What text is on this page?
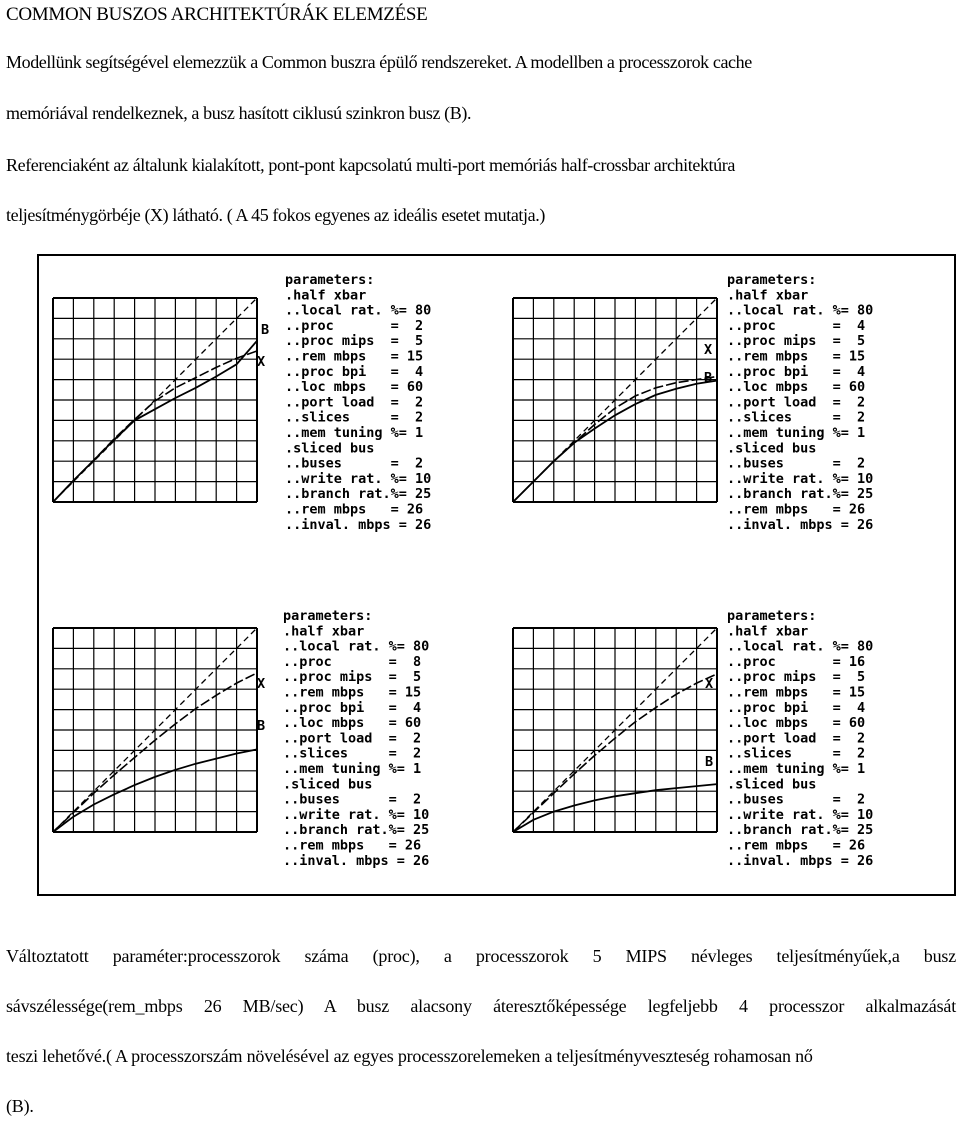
COMMON BUSZOS ARCHITEKTÚRÁK ELEMZÉSE
Modellünk segítségével elemezzük a Common buszra épülő rendszereket. A modellben a processzorok cache
memóriával rendelkeznek, a busz hasított ciklusú szinkron busz (B).
Referenciaként az általunk kialakított, pont-pont kapcsolatú multi-port memóriás half-crossbar architektúra
teljesítménygörbéje (X) látható. ( A 45 fokos egyenes az ideális esetet mutatja.)
B
X
parameters:
.half xbar
..local rat. %= 80
..proc       =  2
..proc mips  =  5
..rem mbps   = 15
..proc bpi   =  4
..loc mbps   = 60
..port load  =  2
..slices     =  2
..mem tuning %= 1
.sliced bus
..buses      =  2
..write rat. %= 10
..branch rat.%= 25
..rem mbps   = 26
..inval. mbps = 26
X
B
parameters:
.half xbar
..local rat. %= 80
..proc       =  4
..proc mips  =  5
..rem mbps   = 15
..proc bpi   =  4
..loc mbps   = 60
..port load  =  2
..slices     =  2
..mem tuning %= 1
.sliced bus
..buses      =  2
..write rat. %= 10
..branch rat.%= 25
..rem mbps   = 26
..inval. mbps = 26
X
B
parameters:
.half xbar
..local rat. %= 80
..proc       =  8
..proc mips  =  5
..rem mbps   = 15
..proc bpi   =  4
..loc mbps   = 60
..port load  =  2
..slices     =  2
..mem tuning %= 1
.sliced bus
..buses      =  2
..write rat. %= 10
..branch rat.%= 25
..rem mbps   = 26
..inval. mbps = 26
X
B
parameters:
.half xbar
..local rat. %= 80
..proc       = 16
..proc mips  =  5
..rem mbps   = 15
..proc bpi   =  4
..loc mbps   = 60
..port load  =  2
..slices     =  2
..mem tuning %= 1
.sliced bus
..buses      =  2
..write rat. %= 10
..branch rat.%= 25
..rem mbps   = 26
..inval. mbps = 26
Változtatott paraméter:processzorok száma (proc), a processzorok 5 MIPS névleges teljesítményűek,a busz
sávszélessége(rem_mbps 26 MB/sec) A busz alacsony áteresztőképessége legfeljebb 4 processzor alkalmazását
teszi lehetővé.( A processzorszám növelésével az egyes processzorelemeken a teljesítményveszteség rohamosan nő
(B).
